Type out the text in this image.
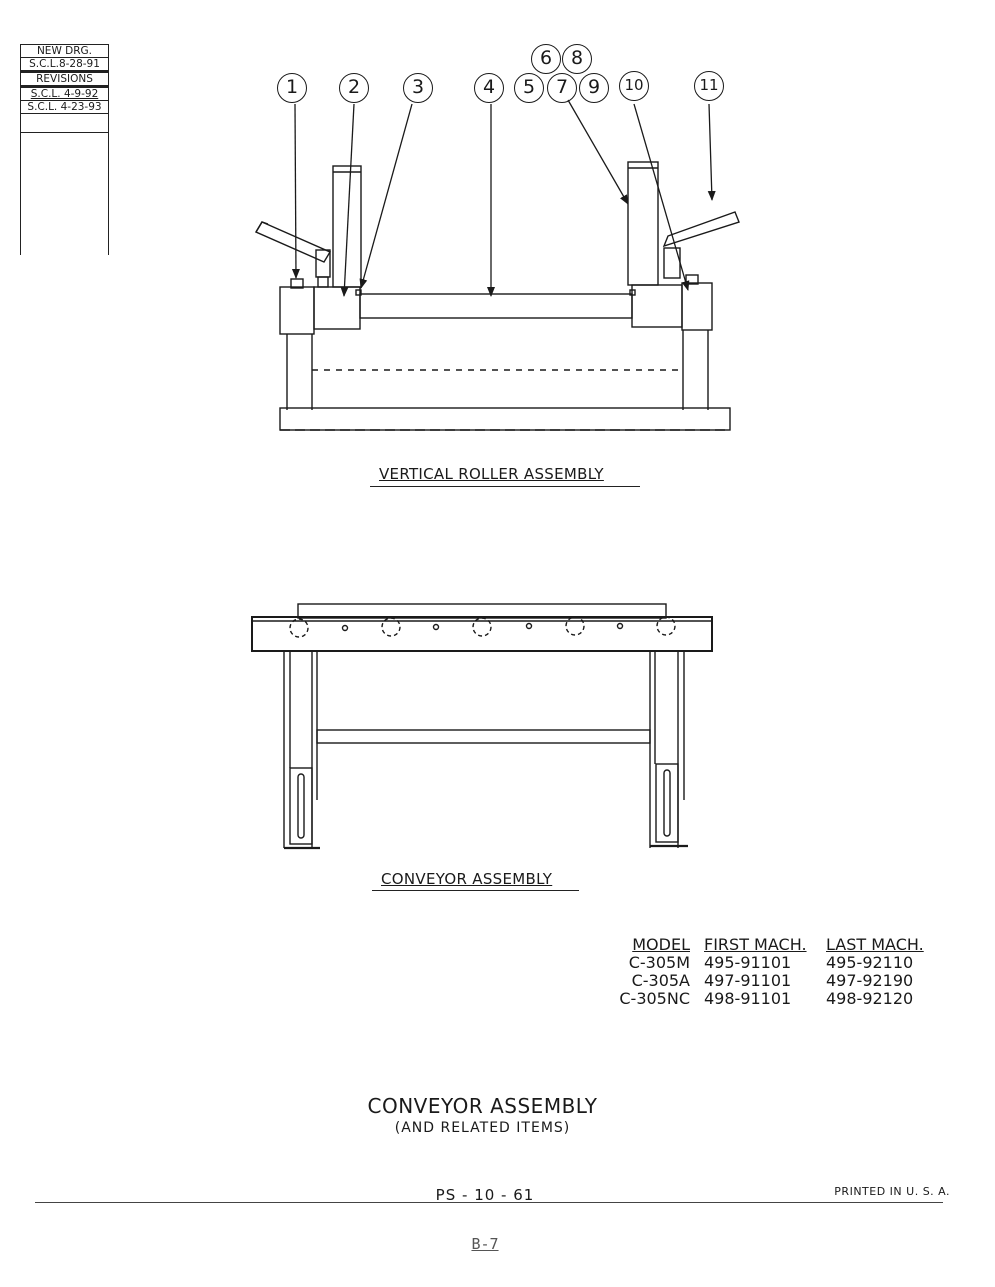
NEW DRG.
S.C.L.8-28-91
REVISIONS
S.C.L. 4-9-92
S.C.L. 4-23-93
1	2	3	4	5
6
7
8
9	10	11
VERTICAL ROLLER ASSEMBLY
CONVEYOR ASSEMBLY
MODEL FIRST MACH.	LAST MACH.
C-305M 495-91101	495-92110
C-305A 497-91101	497-92190
C-305NC 498-91101	498-92120
CONVEYOR ASSEMBLY
(AND RELATED ITEMS)
PS - 10 - 61	PRINTED IN U. S. A.
B-7
